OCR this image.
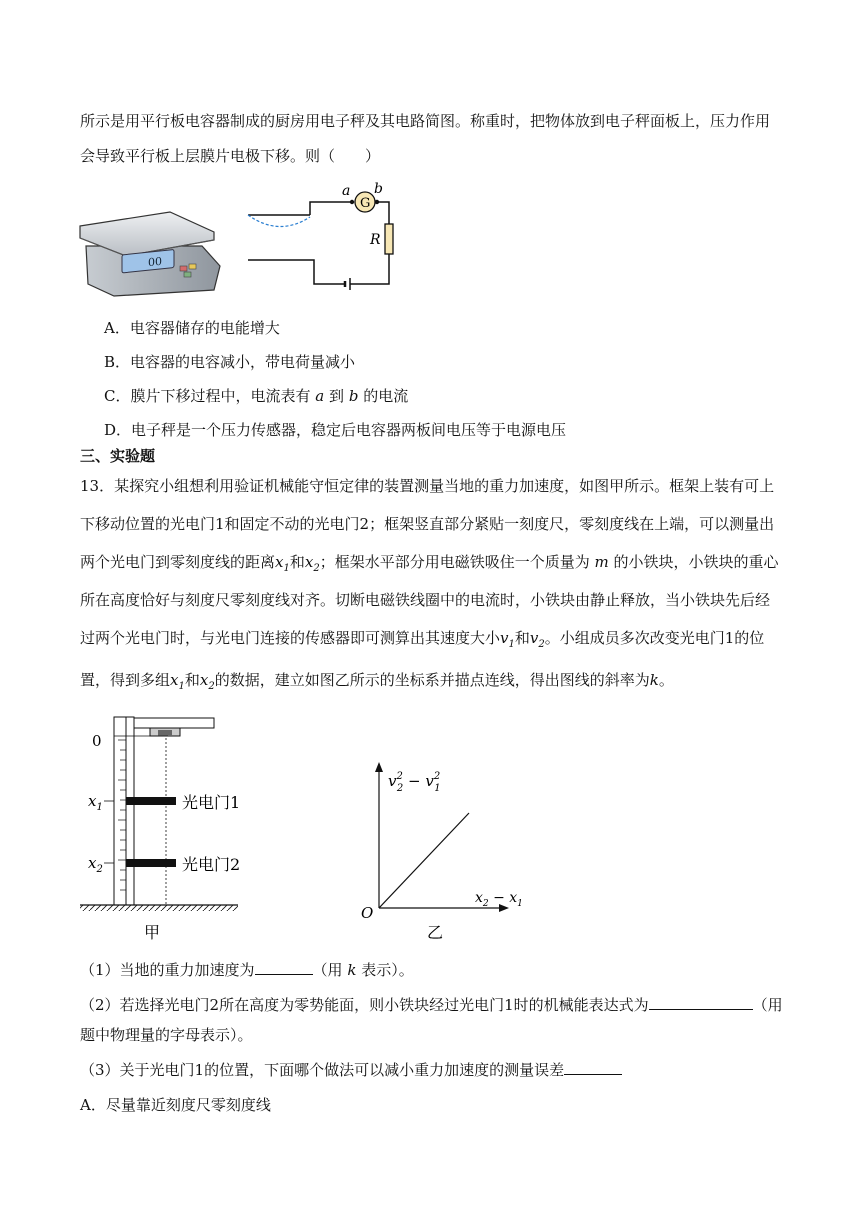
所示是用平行板电容器制成的厨房用电子秤及其电路简图。称重时，把物体放到电子秤面板上，压力作用
会导致平行板上层膜片电极下移。则（　　）
00
G
a b
R
A．电容器储存的电能增大
B．电容器的电容减小，带电荷量减小
C．膜片下移过程中，电流表有 a 到 b 的电流
D．电子秤是一个压力传感器，稳定后电容器两板间电压等于电源电压
三、实验题
13．某探究小组想利用验证机械能守恒定律的装置测量当地的重力加速度，如图甲所示。框架上装有可上
下移动位置的光电门1和固定不动的光电门2；框架竖直部分紧贴一刻度尺，零刻度线在上端，可以测量出
两个光电门到零刻度线的距离$x_1$和$x_2$；框架水平部分用电磁铁吸住一个质量为 m 的小铁块，小铁块的重心
所在高度恰好与刻度尺零刻度线对齐。切断电磁铁线圈中的电流时，小铁块由静止释放，当小铁块先后经
过两个光电门时，与光电门连接的传感器即可测算出其速度大小$v_1$和$v_2$。小组成员多次改变光电门1的位
置，得到多组$x_1$和$x_2$的数据，建立如图乙所示的坐标系并描点连线，得出图线的斜率为k。
0
$x_1$
$x_2$
光电门1
光电门2
甲
$v^2$ $2 - v^2$ 1
$x_2 - x_1$
O
乙
（1）当地的重力加速度为	（用 k 表示）。
（2）若选择光电门2所在高度为零势能面，则小铁块经过光电门1时的机械能表达式为	（用
题中物理量的字母表示）。
（3）关于光电门1的位置，下面哪个做法可以减小重力加速度的测量误差
A．尽量靠近刻度尺零刻度线
